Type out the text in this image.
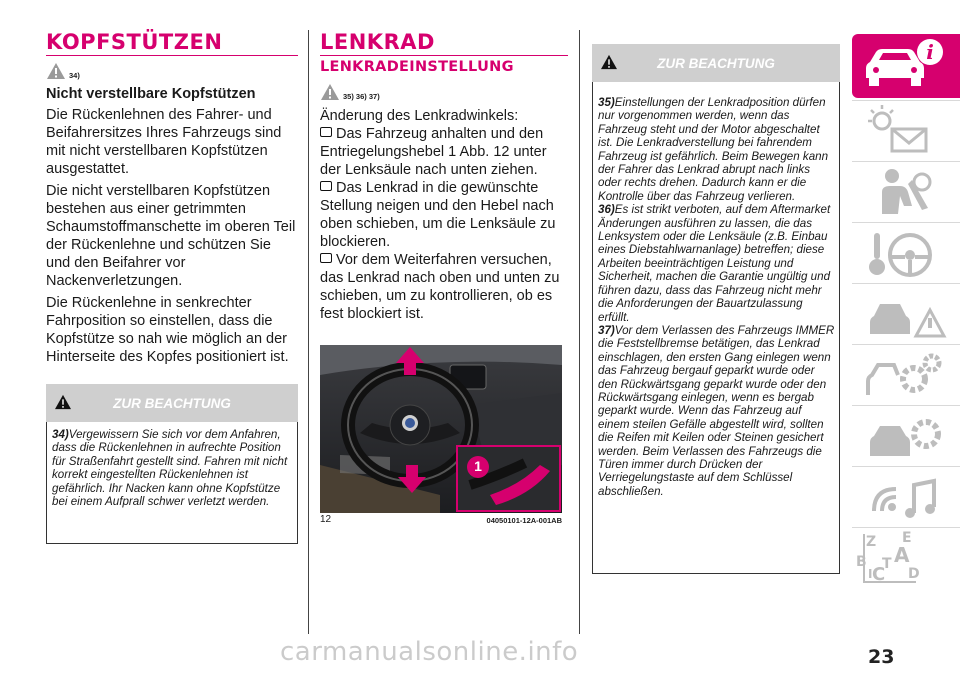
KOPFSTÜTZEN
34)
Nicht verstellbare Kopfstützen
Die Rückenlehnen des Fahrer- und Beifahrersitzes Ihres Fahrzeugs sind mit nicht verstellbaren Kopfstützen ausgestattet.
Die nicht verstellbaren Kopfstützen bestehen aus einer getrimmten Schaumstoffmanschette im oberen Teil der Rückenlehne und schützen Sie und den Beifahrer vor Nackenverletzungen.
Die Rückenlehne in senkrechter Fahrposition so einstellen, dass die Kopfstütze so nah wie möglich an der Hinterseite des Kopfes positioniert ist.
ZUR BEACHTUNG
34)Vergewissern Sie sich vor dem Anfahren, dass die Rückenlehnen in aufrechte Position für Straßenfahrt gestellt sind. Fahren mit nicht korrekt eingestellten Rückenlehnen ist gefährlich. Ihr Nacken kann ohne Kopfstütze bei einem Aufprall schwer verletzt werden.
LENKRAD
LENKRADEINSTELLUNG
35) 36) 37)
Änderung des Lenkradwinkels:
Das Fahrzeug anhalten und den Entriegelungshebel 1 Abb. 12 unter der Lenksäule nach unten ziehen.
Das Lenkrad in die gewünschte Stellung neigen und den Hebel nach oben schieben, um die Lenksäule zu blockieren.
Vor dem Weiterfahren versuchen, das Lenkrad nach oben und unten zu schieben, um zu kontrollieren, ob es fest blockiert ist.
1
12	04050101-12A-001AB
ZUR BEACHTUNG
35)Einstellungen der Lenkradposition dürfen nur vorgenommen werden, wenn das Fahrzeug steht und der Motor abgeschaltet ist. Die Lenkradverstellung bei fahrendem Fahrzeug ist gefährlich. Beim Bewegen kann der Fahrer das Lenkrad abrupt nach links oder rechts drehen. Dadurch kann er die Kontrolle über das Fahrzeug verlieren.
36)Es ist strikt verboten, auf dem Aftermarket Änderungen ausführen zu lassen, die das Lenksystem oder die Lenksäule (z.B. Einbau eines Diebstahlwarnanlage) betreffen; diese Arbeiten beeinträchtigen Leistung und Sicherheit, machen die Garantie ungültig und führen dazu, dass das Fahrzeug nicht mehr die Anforderungen der Bauartzulassung erfüllt.
37)Vor dem Verlassen des Fahrzeugs IMMER die Feststellbremse betätigen, das Lenkrad einschlagen, den ersten Gang einlegen wenn das Fahrzeug bergauf geparkt wurde oder den Rückwärtsgang geparkt wurde oder den Rückwärtsgang einlegen, wenn es bergab geparkt wurde. Wenn das Fahrzeug auf einem steilen Gefälle abgestellt wird, sollten die Reifen mit Keilen oder Steinen gesichert werden. Beim Verlassen des Fahrzeugs die Türen immer durch Drücken der Verriegelungstaste auf dem Schlüssel abschließen.
i
Z E
A
B
C
T
D
I
carmanualsonline.info	23
